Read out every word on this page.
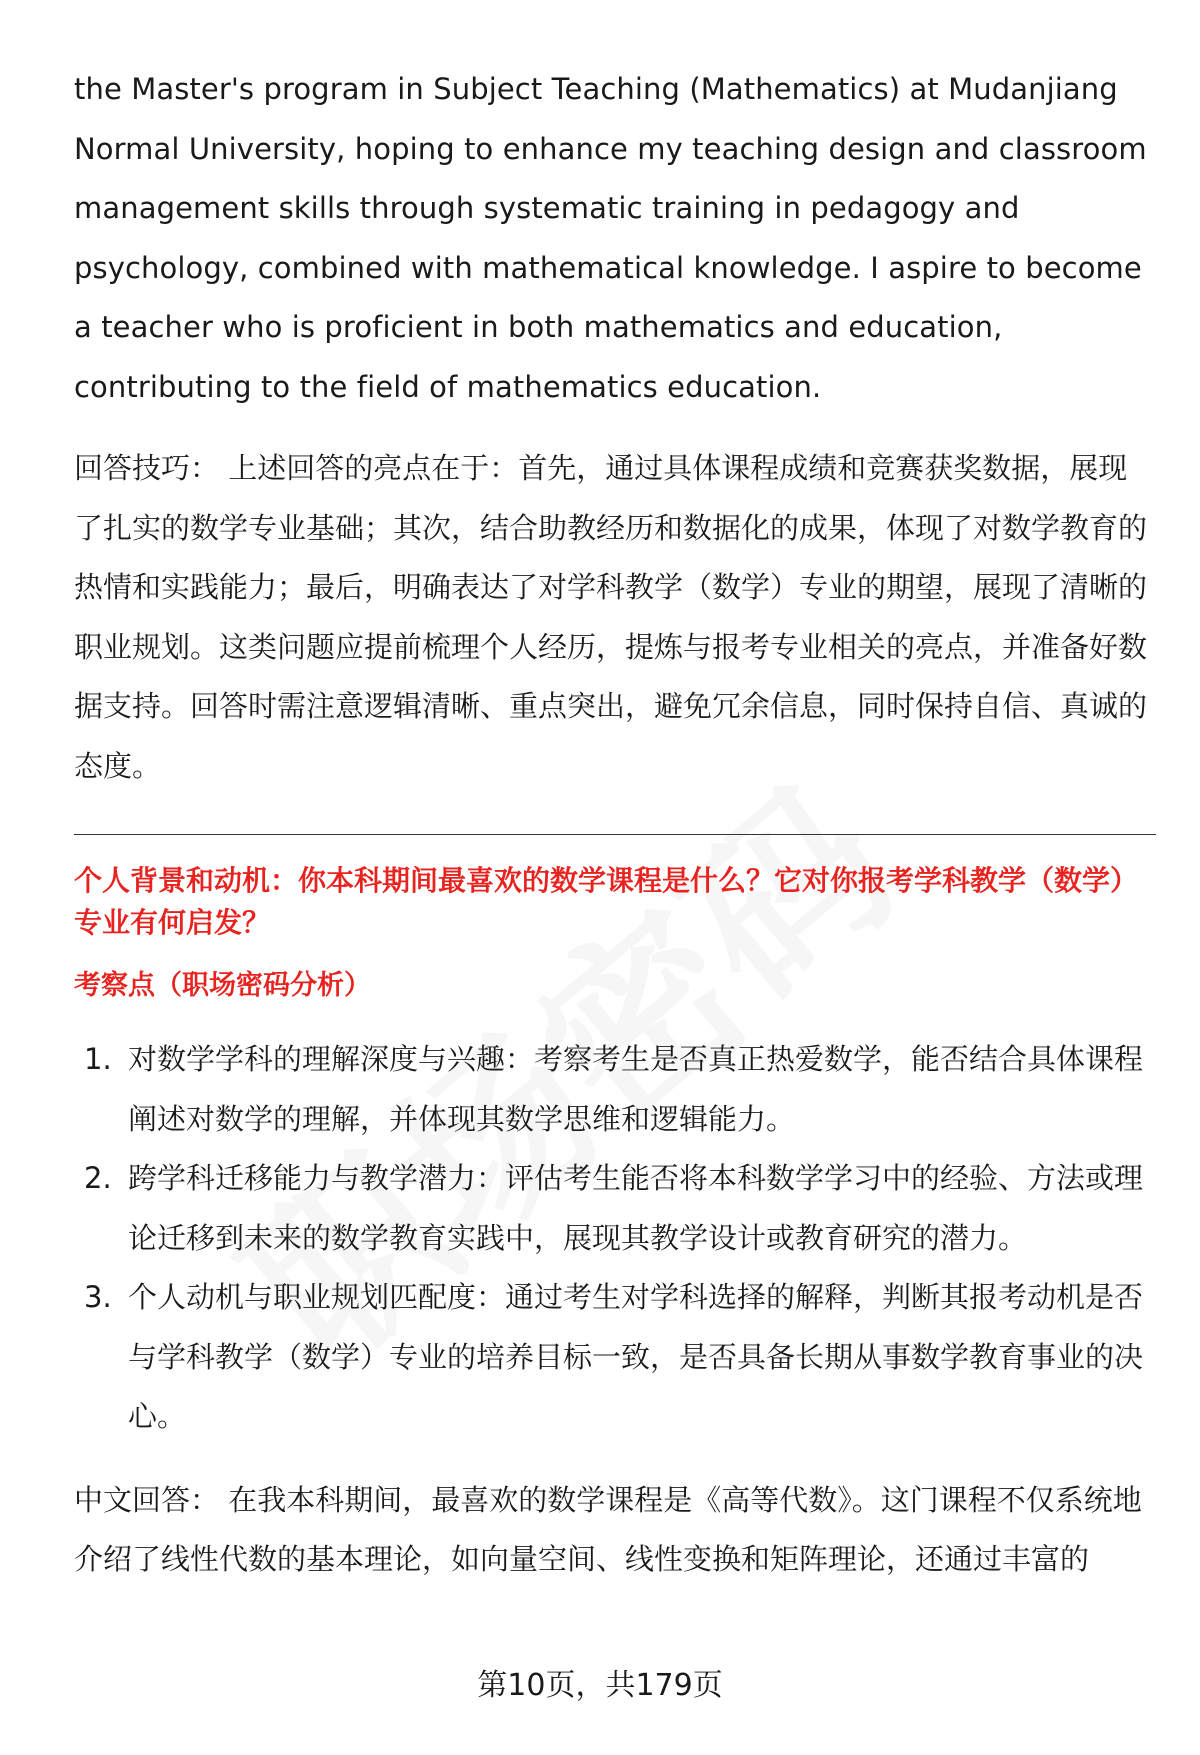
the Master's program in Subject Teaching (Mathematics) at Mudanjiang Normal University, hoping to enhance my teaching design and classroom management skills through systematic training in pedagogy and psychology, combined with mathematical knowledge. I aspire to become a teacher who is proficient in both mathematics and education, contributing to the field of mathematics education.

回答技巧： 上述回答的亮点在于：首先，通过具体课程成绩和竞赛获奖数据，展现了扎实的数学专业基础；其次，结合助教经历和数据化的成果，体现了对数学教育的热情和实践能力；最后，明确表达了对学科教学（数学）专业的期望，展现了清晰的职业规划。这类问题应提前梳理个人经历，提炼与报考专业相关的亮点，并准备好数据支持。回答时需注意逻辑清晰、重点突出，避免冗余信息，同时保持自信、真诚的态度。

个人背景和动机：你本科期间最喜欢的数学课程是什么？它对你报考学科教学（数学）专业有何启发？

考察点（职场密码分析）

1. 对数学学科的理解深度与兴趣：考察考生是否真正热爱数学，能否结合具体课程阐述对数学的理解，并体现其数学思维和逻辑能力。
2. 跨学科迁移能力与教学潜力：评估考生能否将本科数学学习中的经验、方法或理论迁移到未来的数学教育实践中，展现其教学设计或教育研究的潜力。
3. 个人动机与职业规划匹配度：通过考生对学科选择的解释，判断其报考动机是否与学科教学（数学）专业的培养目标一致，是否具备长期从事数学教育事业的决心。

中文回答： 在我本科期间，最喜欢的数学课程是《高等代数》。这门课程不仅系统地介绍了线性代数的基本理论，如向量空间、线性变换和矩阵理论，还通过丰富的

第10页，共179页
